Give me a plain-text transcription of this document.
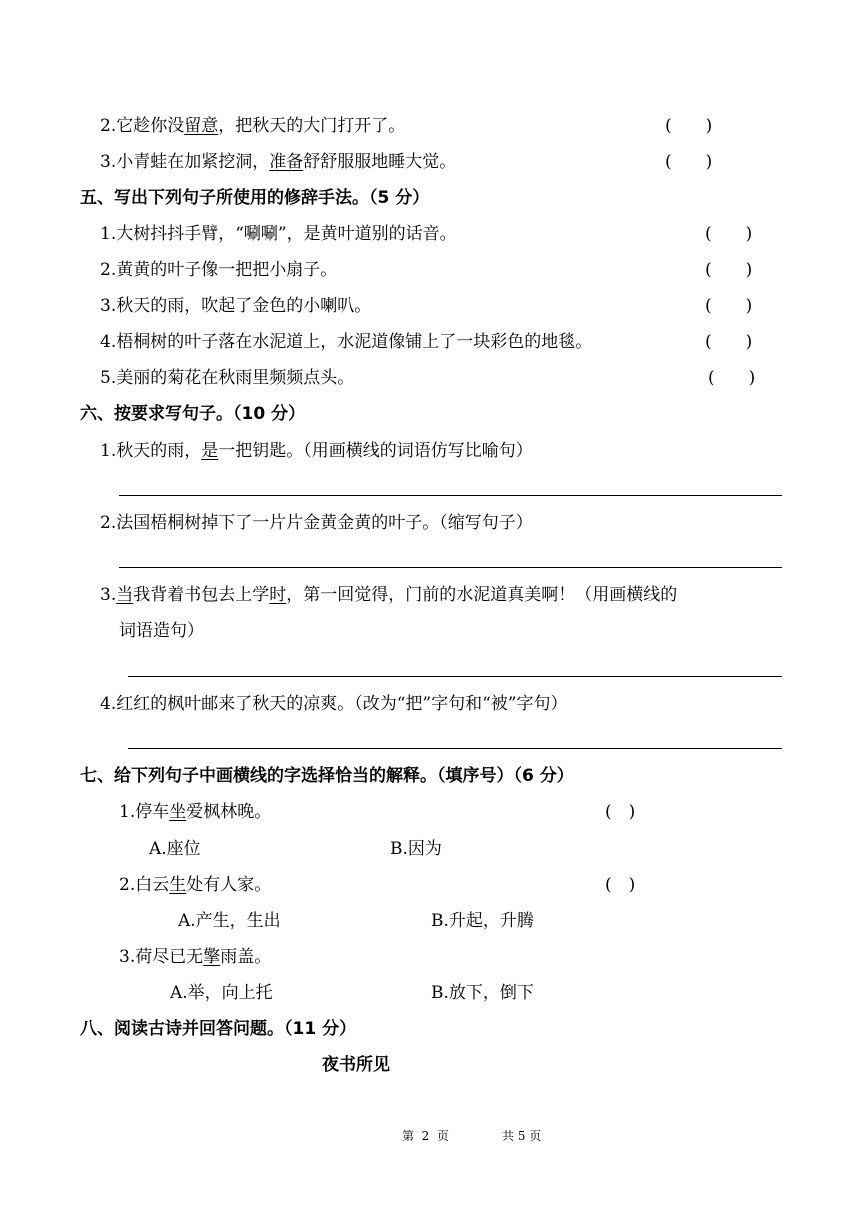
2.它趁你没留意，把秋天的大门打开了。	(　　)
3.小青蛙在加紧挖洞，准备舒舒服服地睡大觉。	(　　)
五、写出下列句子所使用的修辞手法。（5 分）
1.大树抖抖手臂，“唰唰”，是黄叶道别的话音。	(　　)
2.黄黄的叶子像一把把小扇子。	(　　)
3.秋天的雨，吹起了金色的小喇叭。	(　　)
4.梧桐树的叶子落在水泥道上，水泥道像铺上了一块彩色的地毯。	(　　)
5.美丽的菊花在秋雨里频频点头。	(　　)
六、按要求写句子。（10 分）
1.秋天的雨，是一把钥匙。（用画横线的词语仿写比喻句）
2.法国梧桐树掉下了一片片金黄金黄的叶子。（缩写句子）
3.当我背着书包去上学时，第一回觉得，门前的水泥道真美啊！（用画横线的
词语造句）
4.红红的枫叶邮来了秋天的凉爽。（改为“把”字句和“被”字句）
七、给下列句子中画横线的字选择恰当的解释。（填序号）（6 分）
1.停车坐爱枫林晚。	(　)
A.座位	B.因为
2.白云生处有人家。	(　)
A.产生，生出	B.升起，升腾
3.荷尽已无擎雨盖。
A.举，向上托	B.放下，倒下
八、阅读古诗并回答问题。（11 分）
夜书所见
第  2  页	共 5 页
